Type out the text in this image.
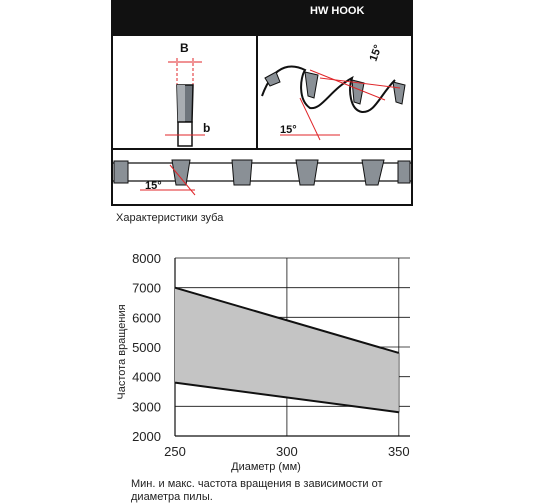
HW HOOK
B
b	15°
15°
15°
Характеристики зуба
8000
7000
6000
5000
4000
3000
2000
250	300	350
Диаметр (мм)
Частота вращения
Мин. и макс. частота вращения в зависимости от диаметра пилы.
